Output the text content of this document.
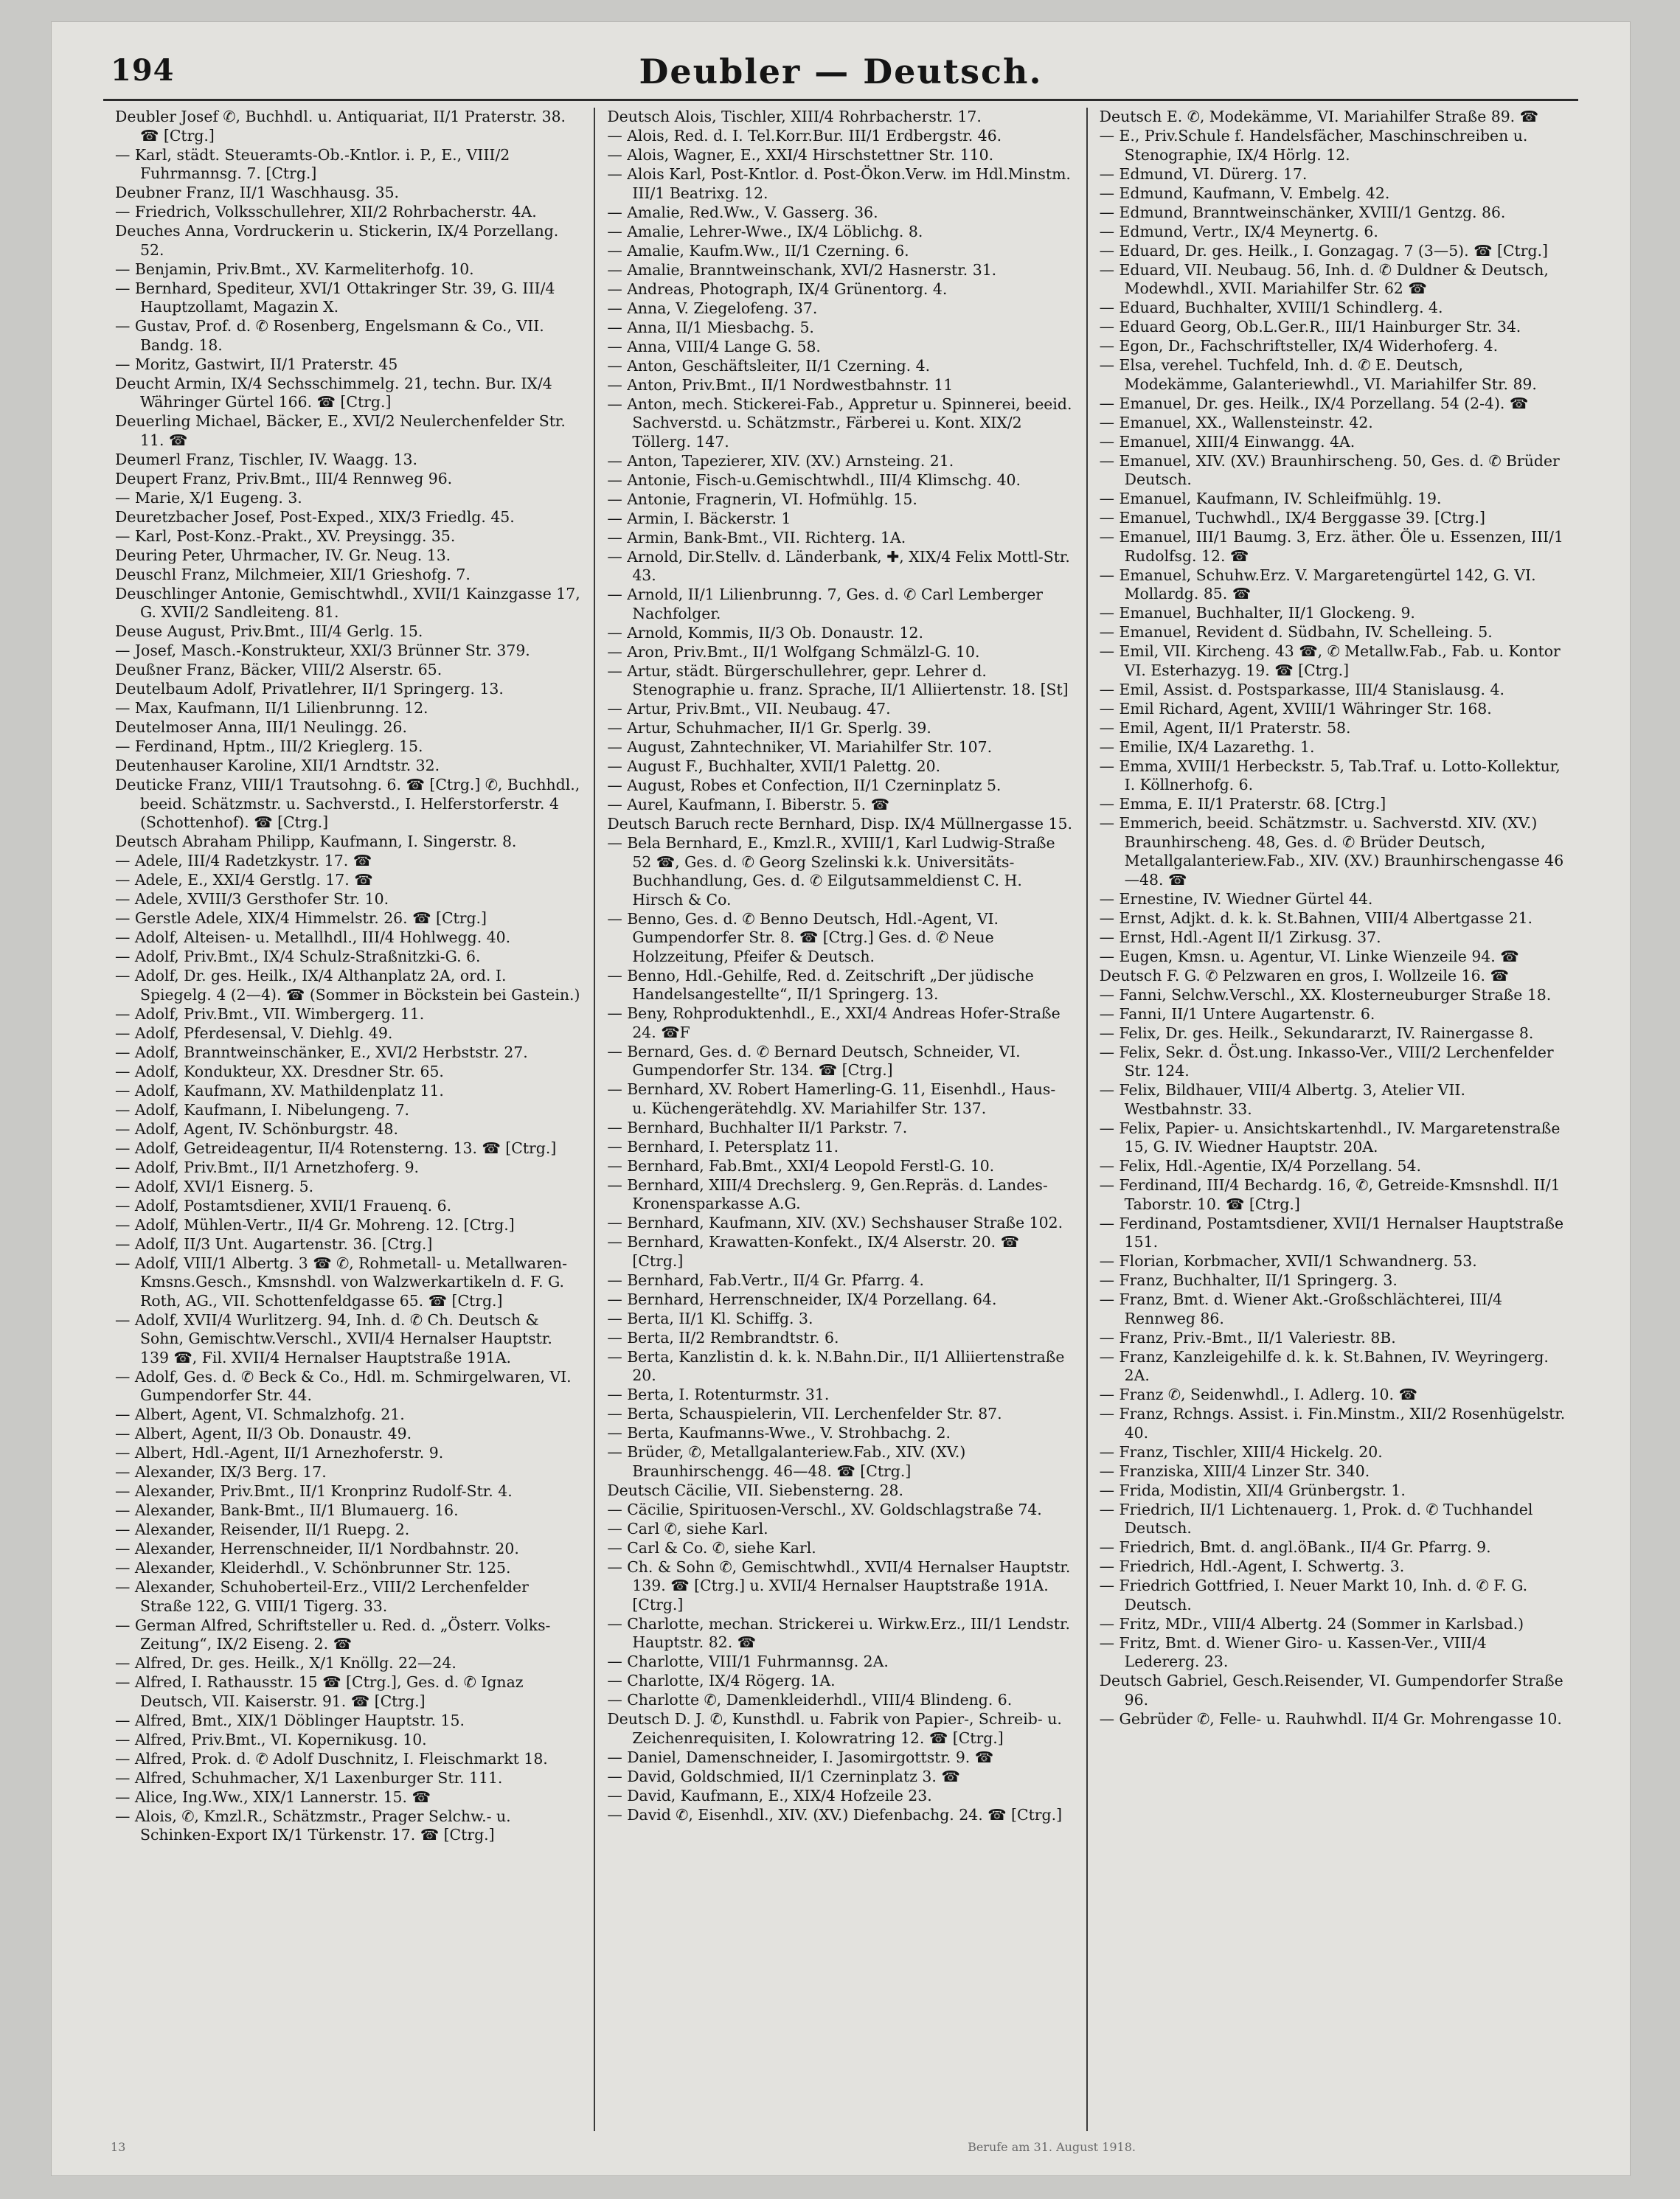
194	Deubler — Deutsch.

Deubler Josef ✆, Buchhdl. u. Antiquariat, II/1 Praterstr. 38. ☎ [Ctrg.]

— Karl, städt. Steueramts-Ob.-Kntlor. i. P., E., VIII/2 Fuhrmannsg. 7. [Ctrg.]

Deubner Franz, II/1 Waschhausg. 35.

— Friedrich, Volksschullehrer, XII/2 Rohrbacherstr. 4A.

Deuches Anna, Vordruckerin u. Stickerin, IX/4 Porzellang. 52.

— Benjamin, Priv.Bmt., XV. Karmeliterhofg. 10.

— Bernhard, Spediteur, XVI/1 Ottakringer Str. 39, G. III/4 Hauptzollamt, Magazin X.

— Gustav, Prof. d. ✆ Rosenberg, Engelsmann & Co., VII. Bandg. 18.

— Moritz, Gastwirt, II/1 Praterstr. 45

Deucht Armin, IX/4 Sechsschimmelg. 21, techn. Bur. IX/4 Währinger Gürtel 166. ☎ [Ctrg.]

Deuerling Michael, Bäcker, E., XVI/2 Neulerchenfelder Str. 11. ☎

Deumerl Franz, Tischler, IV. Waagg. 13.

Deupert Franz, Priv.Bmt., III/4 Rennweg 96.

— Marie, X/1 Eugeng. 3.

Deuretzbacher Josef, Post-Exped., XIX/3 Friedlg. 45.

— Karl, Post-Konz.-Prakt., XV. Preysingg. 35.

Deuring Peter, Uhrmacher, IV. Gr. Neug. 13.

Deuschl Franz, Milchmeier, XII/1 Grieshofg. 7.

Deuschlinger Antonie, Gemischtwhdl., XVII/1 Kainzgasse 17, G. XVII/2 Sandleiteng. 81.

Deuse August, Priv.Bmt., III/4 Gerlg. 15.

— Josef, Masch.-Konstrukteur, XXI/3 Brünner Str. 379.

Deußner Franz, Bäcker, VIII/2 Alserstr. 65.

Deutelbaum Adolf, Privatlehrer, II/1 Springerg. 13.

— Max, Kaufmann, II/1 Lilienbrunng. 12.

Deutelmoser Anna, III/1 Neulingg. 26.

— Ferdinand, Hptm., III/2 Krieglerg. 15.

Deutenhauser Karoline, XII/1 Arndtstr. 32.

Deuticke Franz, VIII/1 Trautsohng. 6. ☎ [Ctrg.] ✆, Buchhdl., beeid. Schätzmstr. u. Sachverstd., I. Helferstorferstr. 4 (Schottenhof). ☎ [Ctrg.]

Deutsch Abraham Philipp, Kaufmann, I. Singerstr. 8.

— Adele, III/4 Radetzkystr. 17. ☎

— Adele, E., XXI/4 Gerstlg. 17. ☎

— Adele, XVIII/3 Gersthofer Str. 10.

— Gerstle Adele, XIX/4 Himmelstr. 26. ☎ [Ctrg.]

— Adolf, Alteisen- u. Metallhdl., III/4 Hohlwegg. 40.

— Adolf, Priv.Bmt., IX/4 Schulz-Straßnitzki-G. 6.

— Adolf, Dr. ges. Heilk., IX/4 Althanplatz 2A, ord. I. Spiegelg. 4 (2—4). ☎ (Sommer in Böckstein bei Gastein.)

— Adolf, Priv.Bmt., VII. Wimbergerg. 11.

— Adolf, Pferdesensal, V. Diehlg. 49.

— Adolf, Branntweinschänker, E., XVI/2 Herbststr. 27.

— Adolf, Kondukteur, XX. Dresdner Str. 65.

— Adolf, Kaufmann, XV. Mathildenplatz 11.

— Adolf, Kaufmann, I. Nibelungeng. 7.

— Adolf, Agent, IV. Schönburgstr. 48.

— Adolf, Getreideagentur, II/4 Rotensterng. 13. ☎ [Ctrg.]

— Adolf, Priv.Bmt., II/1 Arnetzhoferg. 9.

— Adolf, XVI/1 Eisnerg. 5.

— Adolf, Postamtsdiener, XVII/1 Frauenq. 6.

— Adolf, Mühlen-Vertr., II/4 Gr. Mohreng. 12. [Ctrg.]

— Adolf, II/3 Unt. Augartenstr. 36. [Ctrg.]

— Adolf, VIII/1 Albertg. 3 ☎ ✆, Rohmetall- u. Metallwaren-Kmsns.Gesch., Kmsnshdl. von Walzwerkartikeln d. F. G. Roth, AG., VII. Schottenfeldgasse 65. ☎ [Ctrg.]

— Adolf, XVII/4 Wurlitzerg. 94, Inh. d. ✆ Ch. Deutsch & Sohn, Gemischtw.Verschl., XVII/4 Hernalser Hauptstr. 139 ☎, Fil. XVII/4 Hernalser Hauptstraße 191A.

— Adolf, Ges. d. ✆ Beck & Co., Hdl. m. Schmirgelwaren, VI. Gumpendorfer Str. 44.

— Albert, Agent, VI. Schmalzhofg. 21.

— Albert, Agent, II/3 Ob. Donaustr. 49.

— Albert, Hdl.-Agent, II/1 Arnezhoferstr. 9.

— Alexander, IX/3 Berg. 17.

— Alexander, Priv.Bmt., II/1 Kronprinz Rudolf-Str. 4.

— Alexander, Bank-Bmt., II/1 Blumauerg. 16.

— Alexander, Reisender, II/1 Ruepg. 2.

— Alexander, Herrenschneider, II/1 Nordbahnstr. 20.

— Alexander, Kleiderhdl., V. Schönbrunner Str. 125.

— Alexander, Schuhoberteil-Erz., VIII/2 Lerchenfelder Straße 122, G. VIII/1 Tigerg. 33.

— German Alfred, Schriftsteller u. Red. d. „Österr. Volks-Zeitung“, IX/2 Eiseng. 2. ☎

— Alfred, Dr. ges. Heilk., X/1 Knöllg. 22—24.

— Alfred, I. Rathausstr. 15 ☎ [Ctrg.], Ges. d. ✆ Ignaz Deutsch, VII. Kaiserstr. 91. ☎ [Ctrg.]

— Alfred, Bmt., XIX/1 Döblinger Hauptstr. 15.

— Alfred, Priv.Bmt., VI. Kopernikusg. 10.

— Alfred, Prok. d. ✆ Adolf Duschnitz, I. Fleischmarkt 18.

— Alfred, Schuhmacher, X/1 Laxenburger Str. 111.

— Alice, Ing.Ww., XIX/1 Lannerstr. 15. ☎

— Alois, ✆, Kmzl.R., Schätzmstr., Prager Selchw.- u. Schinken-Export IX/1 Türkenstr. 17. ☎ [Ctrg.]

Deutsch Alois, Tischler, XIII/4 Rohrbacherstr. 17.

— Alois, Red. d. I. Tel.Korr.Bur. III/1 Erdbergstr. 46.

— Alois, Wagner, E., XXI/4 Hirschstettner Str. 110.

— Alois Karl, Post-Kntlor. d. Post-Ökon.Verw. im Hdl.Minstm. III/1 Beatrixg. 12.

— Amalie, Red.Ww., V. Gasserg. 36.

— Amalie, Lehrer-Wwe., IX/4 Löblichg. 8.

— Amalie, Kaufm.Ww., II/1 Czerning. 6.

— Amalie, Branntweinschank, XVI/2 Hasnerstr. 31.

— Andreas, Photograph, IX/4 Grünentorg. 4.

— Anna, V. Ziegelofeng. 37.

— Anna, II/1 Miesbachg. 5.

— Anna, VIII/4 Lange G. 58.

— Anton, Geschäftsleiter, II/1 Czerning. 4.

— Anton, Priv.Bmt., II/1 Nordwestbahnstr. 11

— Anton, mech. Stickerei-Fab., Appretur u. Spinnerei, beeid. Sachverstd. u. Schätzmstr., Färberei u. Kont. XIX/2 Töllerg. 147.

— Anton, Tapezierer, XIV. (XV.) Arnsteing. 21.

— Antonie, Fisch-u.Gemischtwhdl., III/4 Klimschg. 40.

— Antonie, Fragnerin, VI. Hofmühlg. 15.

— Armin, I. Bäckerstr. 1

— Armin, Bank-Bmt., VII. Richterg. 1A.

— Arnold, Dir.Stellv. d. Länderbank, ✚, XIX/4 Felix Mottl-Str. 43.

— Arnold, II/1 Lilienbrunng. 7, Ges. d. ✆ Carl Lemberger Nachfolger.

— Arnold, Kommis, II/3 Ob. Donaustr. 12.

— Aron, Priv.Bmt., II/1 Wolfgang Schmälzl-G. 10.

— Artur, städt. Bürgerschullehrer, gepr. Lehrer d. Stenographie u. franz. Sprache, II/1 Alliiertenstr. 18. [St]

— Artur, Priv.Bmt., VII. Neubaug. 47.

— Artur, Schuhmacher, II/1 Gr. Sperlg. 39.

— August, Zahntechniker, VI. Mariahilfer Str. 107.

— August F., Buchhalter, XVII/1 Palettg. 20.

— August, Robes et Confection, II/1 Czerninplatz 5.

— Aurel, Kaufmann, I. Biberstr. 5. ☎

Deutsch Baruch recte Bernhard, Disp. IX/4 Müllnergasse 15.

— Bela Bernhard, E., Kmzl.R., XVIII/1, Karl Ludwig-Straße 52 ☎, Ges. d. ✆ Georg Szelinski k.k. Universitäts-Buchhandlung, Ges. d. ✆ Eilgutsammeldienst C. H. Hirsch & Co.

— Benno, Ges. d. ✆ Benno Deutsch, Hdl.-Agent, VI. Gumpendorfer Str. 8. ☎ [Ctrg.] Ges. d. ✆ Neue Holzzeitung, Pfeifer & Deutsch.

— Benno, Hdl.-Gehilfe, Red. d. Zeitschrift „Der jüdische Handelsangestellte“, II/1 Springerg. 13.

— Beny, Rohproduktenhdl., E., XXI/4 Andreas Hofer-Straße 24. ☎F

— Bernard, Ges. d. ✆ Bernard Deutsch, Schneider, VI. Gumpendorfer Str. 134. ☎ [Ctrg.]

— Bernhard, XV. Robert Hamerling-G. 11, Eisenhdl., Haus- u. Küchengerätehdlg. XV. Mariahilfer Str. 137.

— Bernhard, Buchhalter II/1 Parkstr. 7.

— Bernhard, I. Petersplatz 11.

— Bernhard, Fab.Bmt., XXI/4 Leopold Ferstl-G. 10.

— Bernhard, XIII/4 Drechslerg. 9, Gen.Repräs. d. Landes-Kronensparkasse A.G.

— Bernhard, Kaufmann, XIV. (XV.) Sechshauser Straße 102.

— Bernhard, Krawatten-Konfekt., IX/4 Alserstr. 20. ☎ [Ctrg.]

— Bernhard, Fab.Vertr., II/4 Gr. Pfarrg. 4.

— Bernhard, Herrenschneider, IX/4 Porzellang. 64.

— Berta, II/1 Kl. Schiffg. 3.

— Berta, II/2 Rembrandtstr. 6.

— Berta, Kanzlistin d. k. k. N.Bahn.Dir., II/1 Alliiertenstraße 20.

— Berta, I. Rotenturmstr. 31.

— Berta, Schauspielerin, VII. Lerchenfelder Str. 87.

— Berta, Kaufmanns-Wwe., V. Strohbachg. 2.

— Brüder, ✆, Metallgalanteriew.Fab., XIV. (XV.) Braunhirschengg. 46—48. ☎ [Ctrg.]

Deutsch Cäcilie, VII. Siebensterng. 28.

— Cäcilie, Spirituosen-Verschl., XV. Goldschlagstraße 74.

— Carl ✆, siehe Karl.

— Carl & Co. ✆, siehe Karl.

— Ch. & Sohn ✆, Gemischtwhdl., XVII/4 Hernalser Hauptstr. 139. ☎ [Ctrg.] u. XVII/4 Hernalser Hauptstraße 191A. [Ctrg.]

— Charlotte, mechan. Strickerei u. Wirkw.Erz., III/1 Lendstr. Hauptstr. 82. ☎

— Charlotte, VIII/1 Fuhrmannsg. 2A.

— Charlotte, IX/4 Rögerg. 1A.

— Charlotte ✆, Damenkleiderhdl., VIII/4 Blindeng. 6.

Deutsch D. J. ✆, Kunsthdl. u. Fabrik von Papier-, Schreib- u. Zeichenrequisiten, I. Kolowratring 12. ☎ [Ctrg.]

— Daniel, Damenschneider, I. Jasomirgottstr. 9. ☎

— David, Goldschmied, II/1 Czerninplatz 3. ☎

— David, Kaufmann, E., XIX/4 Hofzeile 23.

— David ✆, Eisenhdl., XIV. (XV.) Diefenbachg. 24. ☎ [Ctrg.]

Deutsch E. ✆, Modekämme, VI. Mariahilfer Straße 89. ☎

— E., Priv.Schule f. Handelsfächer, Maschinschreiben u. Stenographie, IX/4 Hörlg. 12.

— Edmund, VI. Dürerg. 17.

— Edmund, Kaufmann, V. Embelg. 42.

— Edmund, Branntweinschänker, XVIII/1 Gentzg. 86.

— Edmund, Vertr., IX/4 Meynertg. 6.

— Eduard, Dr. ges. Heilk., I. Gonzagag. 7 (3—5). ☎ [Ctrg.]

— Eduard, VII. Neubaug. 56, Inh. d. ✆ Duldner & Deutsch, Modewhdl., XVII. Mariahilfer Str. 62 ☎

— Eduard, Buchhalter, XVIII/1 Schindlerg. 4.

— Eduard Georg, Ob.L.Ger.R., III/1 Hainburger Str. 34.

— Egon, Dr., Fachschriftsteller, IX/4 Widerhoferg. 4.

— Elsa, verehel. Tuchfeld, Inh. d. ✆ E. Deutsch, Modekämme, Galanteriewhdl., VI. Mariahilfer Str. 89.

— Emanuel, Dr. ges. Heilk., IX/4 Porzellang. 54 (2-4). ☎

— Emanuel, XX., Wallensteinstr. 42.

— Emanuel, XIII/4 Einwangg. 4A.

— Emanuel, XIV. (XV.) Braunhirscheng. 50, Ges. d. ✆ Brüder Deutsch.

— Emanuel, Kaufmann, IV. Schleifmühlg. 19.

— Emanuel, Tuchwhdl., IX/4 Berggasse 39. [Ctrg.]

— Emanuel, III/1 Baumg. 3, Erz. äther. Öle u. Essenzen, III/1 Rudolfsg. 12. ☎

— Emanuel, Schuhw.Erz. V. Margaretengürtel 142, G. VI. Mollardg. 85. ☎

— Emanuel, Buchhalter, II/1 Glockeng. 9.

— Emanuel, Revident d. Südbahn, IV. Schelleing. 5.

— Emil, VII. Kircheng. 43 ☎, ✆ Metallw.Fab., Fab. u. Kontor VI. Esterhazyg. 19. ☎ [Ctrg.]

— Emil, Assist. d. Postsparkasse, III/4 Stanislausg. 4.

— Emil Richard, Agent, XVIII/1 Währinger Str. 168.

— Emil, Agent, II/1 Praterstr. 58.

— Emilie, IX/4 Lazarethg. 1.

— Emma, XVIII/1 Herbeckstr. 5, Tab.Traf. u. Lotto-Kollektur, I. Köllnerhofg. 6.

— Emma, E. II/1 Praterstr. 68. [Ctrg.]

— Emmerich, beeid. Schätzmstr. u. Sachverstd. XIV. (XV.) Braunhirscheng. 48, Ges. d. ✆ Brüder Deutsch, Metallgalanteriew.Fab., XIV. (XV.) Braunhirschengasse 46—48. ☎

— Ernestine, IV. Wiedner Gürtel 44.

— Ernst, Adjkt. d. k. k. St.Bahnen, VIII/4 Albertgasse 21.

— Ernst, Hdl.-Agent II/1 Zirkusg. 37.

— Eugen, Kmsn. u. Agentur, VI. Linke Wienzeile 94. ☎

Deutsch F. G. ✆ Pelzwaren en gros, I. Wollzeile 16. ☎

— Fanni, Selchw.Verschl., XX. Klosterneuburger Straße 18.

— Fanni, II/1 Untere Augartenstr. 6.

— Felix, Dr. ges. Heilk., Sekundararzt, IV. Rainergasse 8.

— Felix, Sekr. d. Öst.ung. Inkasso-Ver., VIII/2 Lerchenfelder Str. 124.

— Felix, Bildhauer, VIII/4 Albertg. 3, Atelier VII. Westbahnstr. 33.

— Felix, Papier- u. Ansichtskartenhdl., IV. Margaretenstraße 15, G. IV. Wiedner Hauptstr. 20A.

— Felix, Hdl.-Agentie, IX/4 Porzellang. 54.

— Ferdinand, III/4 Bechardg. 16, ✆, Getreide-Kmsnshdl. II/1 Taborstr. 10. ☎ [Ctrg.]

— Ferdinand, Postamtsdiener, XVII/1 Hernalser Hauptstraße 151.

— Florian, Korbmacher, XVII/1 Schwandnerg. 53.

— Franz, Buchhalter, II/1 Springerg. 3.

— Franz, Bmt. d. Wiener Akt.-Großschlächterei, III/4 Rennweg 86.

— Franz, Priv.-Bmt., II/1 Valeriestr. 8B.

— Franz, Kanzleigehilfe d. k. k. St.Bahnen, IV. Weyringerg. 2A.

— Franz ✆, Seidenwhdl., I. Adlerg. 10. ☎

— Franz, Rchngs. Assist. i. Fin.Minstm., XII/2 Rosenhügelstr. 40.

— Franz, Tischler, XIII/4 Hickelg. 20.

— Franziska, XIII/4 Linzer Str. 340.

— Frida, Modistin, XII/4 Grünbergstr. 1.

— Friedrich, II/1 Lichtenauerg. 1, Prok. d. ✆ Tuchhandel Deutsch.

— Friedrich, Bmt. d. angl.öBank., II/4 Gr. Pfarrg. 9.

— Friedrich, Hdl.-Agent, I. Schwertg. 3.

— Friedrich Gottfried, I. Neuer Markt 10, Inh. d. ✆ F. G. Deutsch.

— Fritz, MDr., VIII/4 Albertg. 24 (Sommer in Karlsbad.)

— Fritz, Bmt. d. Wiener Giro- u. Kassen-Ver., VIII/4 Ledererg. 23.

Deutsch Gabriel, Gesch.Reisender, VI. Gumpendorfer Straße 96.

— Gebrüder ✆, Felle- u. Rauhwhdl. II/4 Gr. Mohrengasse 10.

13	Berufe am 31. August 1918.
